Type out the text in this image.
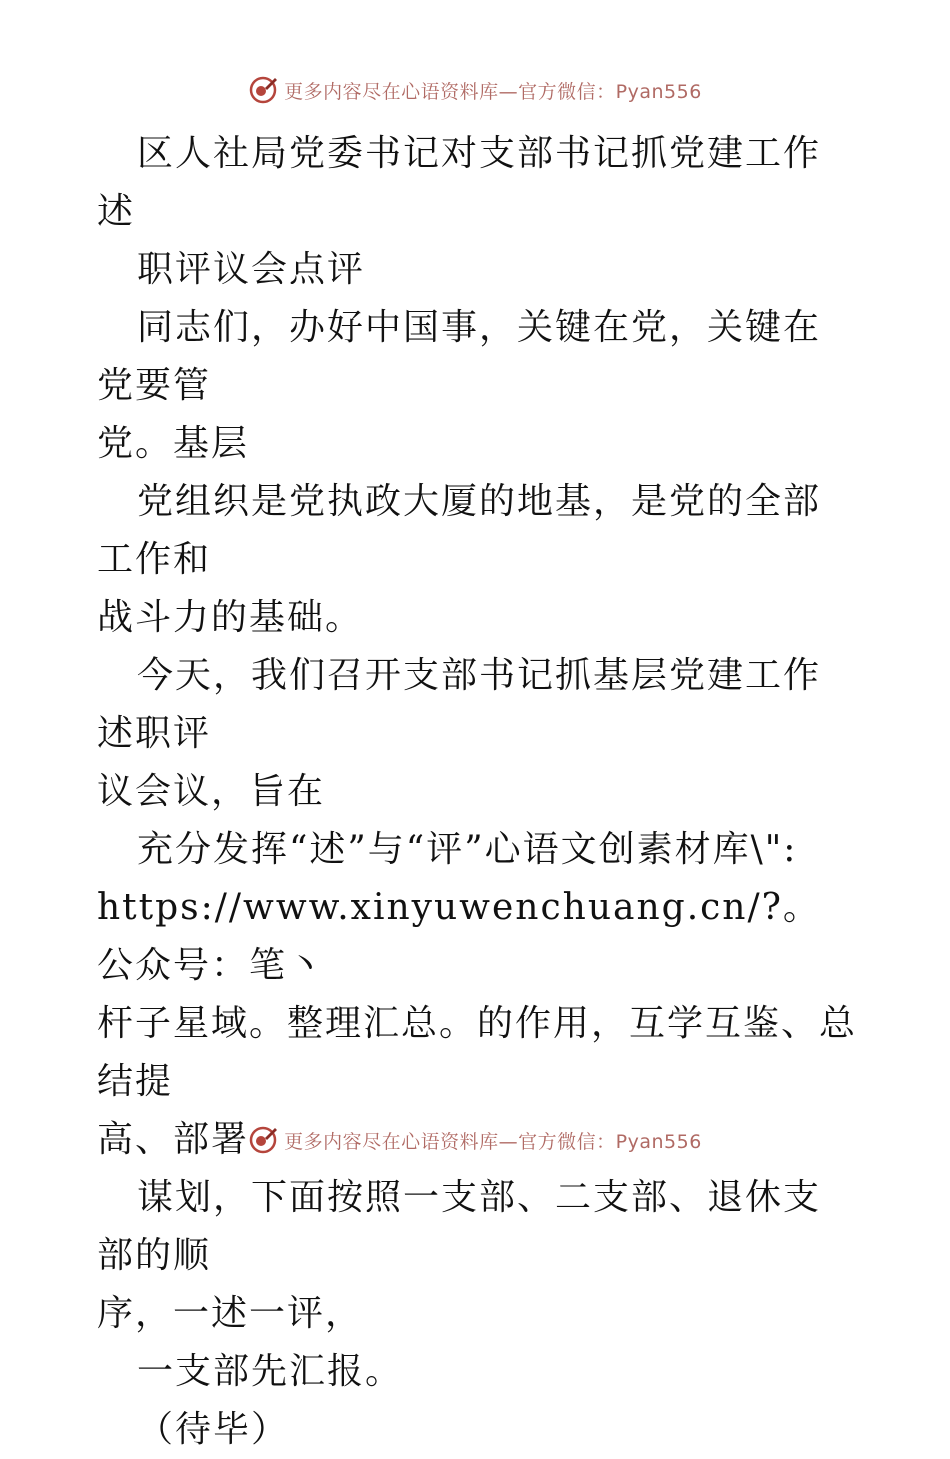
更多内容尽在心语资料库—官方微信：Pyan556

区人社局党委书记对支部书记抓党建工作述

职评议会点评

同志们，办好中国事，关键在党，关键在党要管

党。基层

党组织是党执政大厦的地基，是党的全部工作和

战斗力的基础。

今天，我们召开支部书记抓基层党建工作述职评

议会议，旨在

充分发挥“述”与“评”心语文创素材库\":

https://www.xinyuwenchuang.cn/?。公众号：笔丶

杆子星域。整理汇总。的作用，互学互鉴、总结提

高、部署

谋划，下面按照一支部、二支部、退休支部的顺

序，一述一评，

一支部先汇报。

（待毕）

更多内容尽在心语资料库—官方微信：Pyan556
